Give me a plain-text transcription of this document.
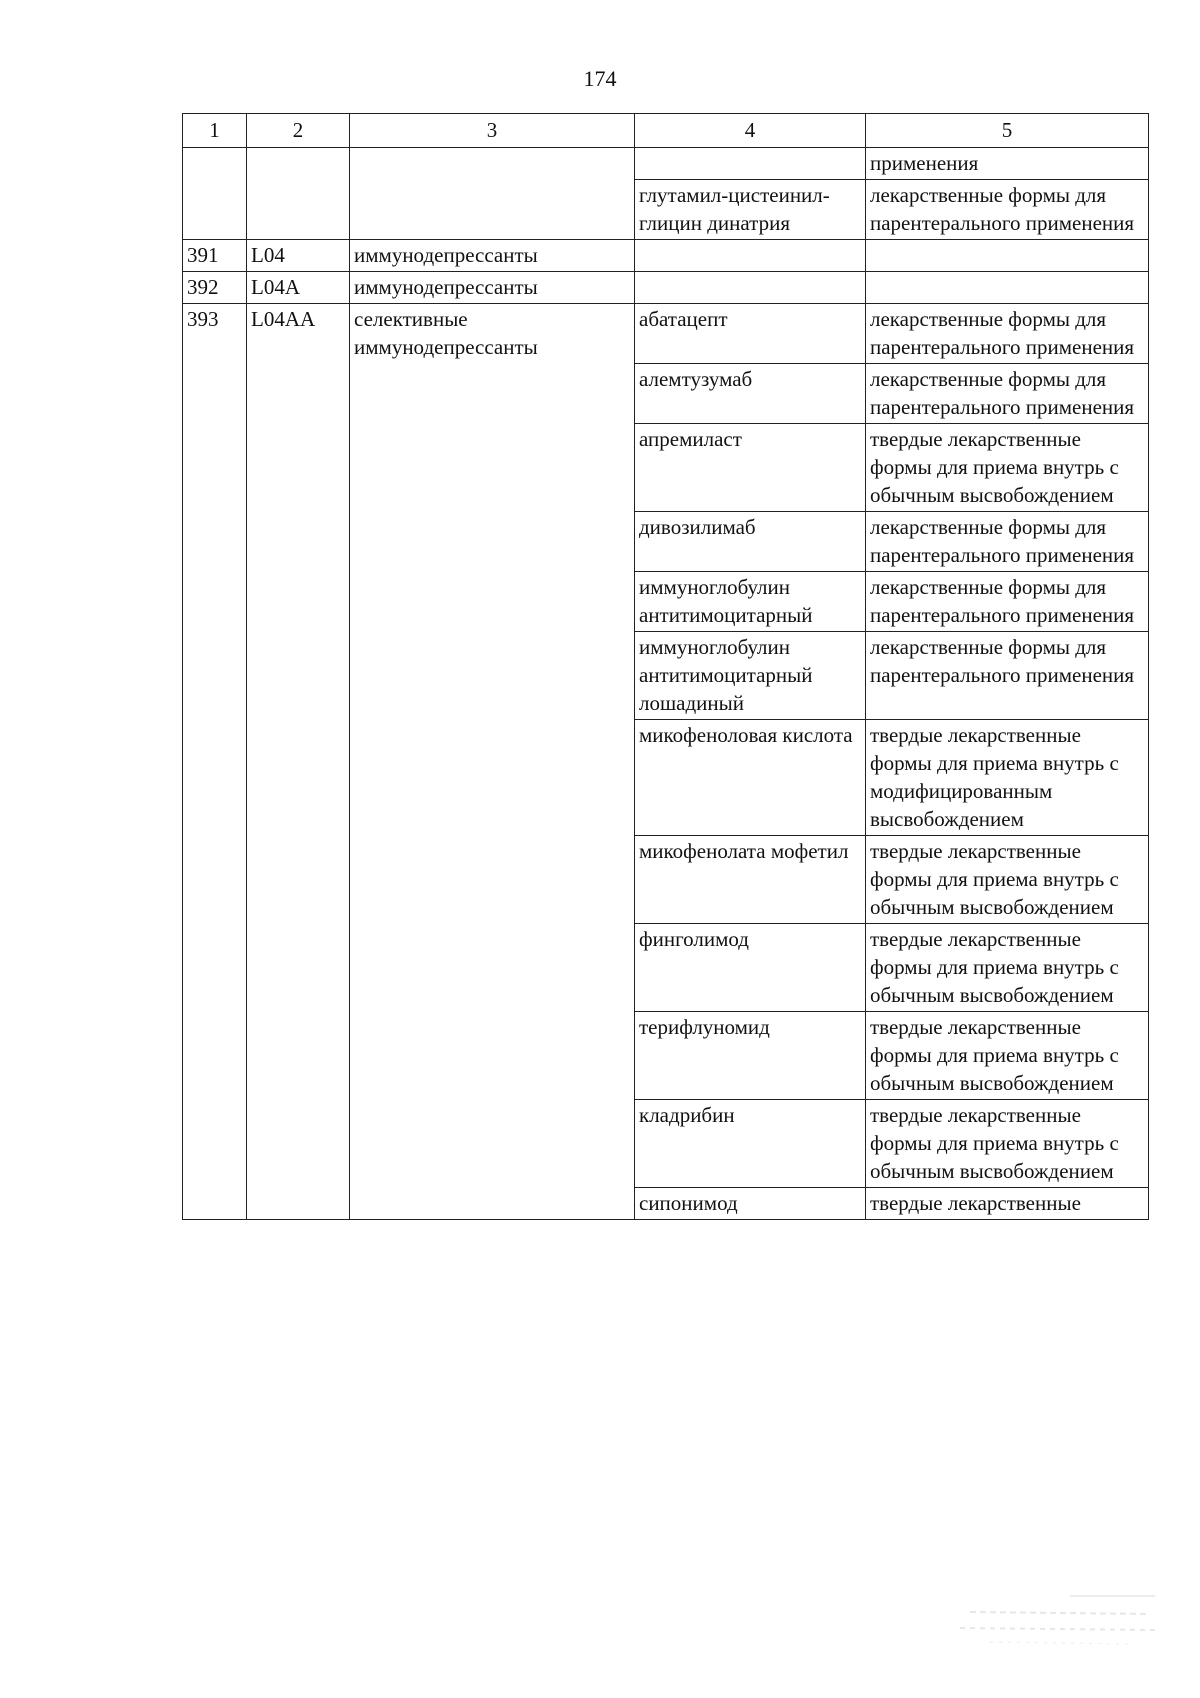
174
1	2	3	4	5
				применения
			глутамил-цистеинил-глицин динатрия	лекарственные формы для парентерального применения
391	L04	иммунодепрессанты		
392	L04A	иммунодепрессанты		
393	L04AA	селективные иммунодепрессанты	абатацепт	лекарственные формы для парентерального применения
			алемтузумаб	лекарственные формы для парентерального применения
			апремиласт	твердые лекарственные формы для приема внутрь с обычным высвобождением
			дивозилимаб	лекарственные формы для парентерального применения
			иммуноглобулин антитимоцитарный	лекарственные формы для парентерального применения
			иммуноглобулин антитимоцитарный лошадиный	лекарственные формы для парентерального применения
			микофеноловая кислота	твердые лекарственные формы для приема внутрь с модифицированным высвобождением
			микофенолата мофетил	твердые лекарственные формы для приема внутрь с обычным высвобождением
			финголимод	твердые лекарственные формы для приема внутрь с обычным высвобождением
			терифлуномид	твердые лекарственные формы для приема внутрь с обычным высвобождением
			кладрибин	твердые лекарственные формы для приема внутрь с обычным высвобождением
			сипонимод	твердые лекарственные
